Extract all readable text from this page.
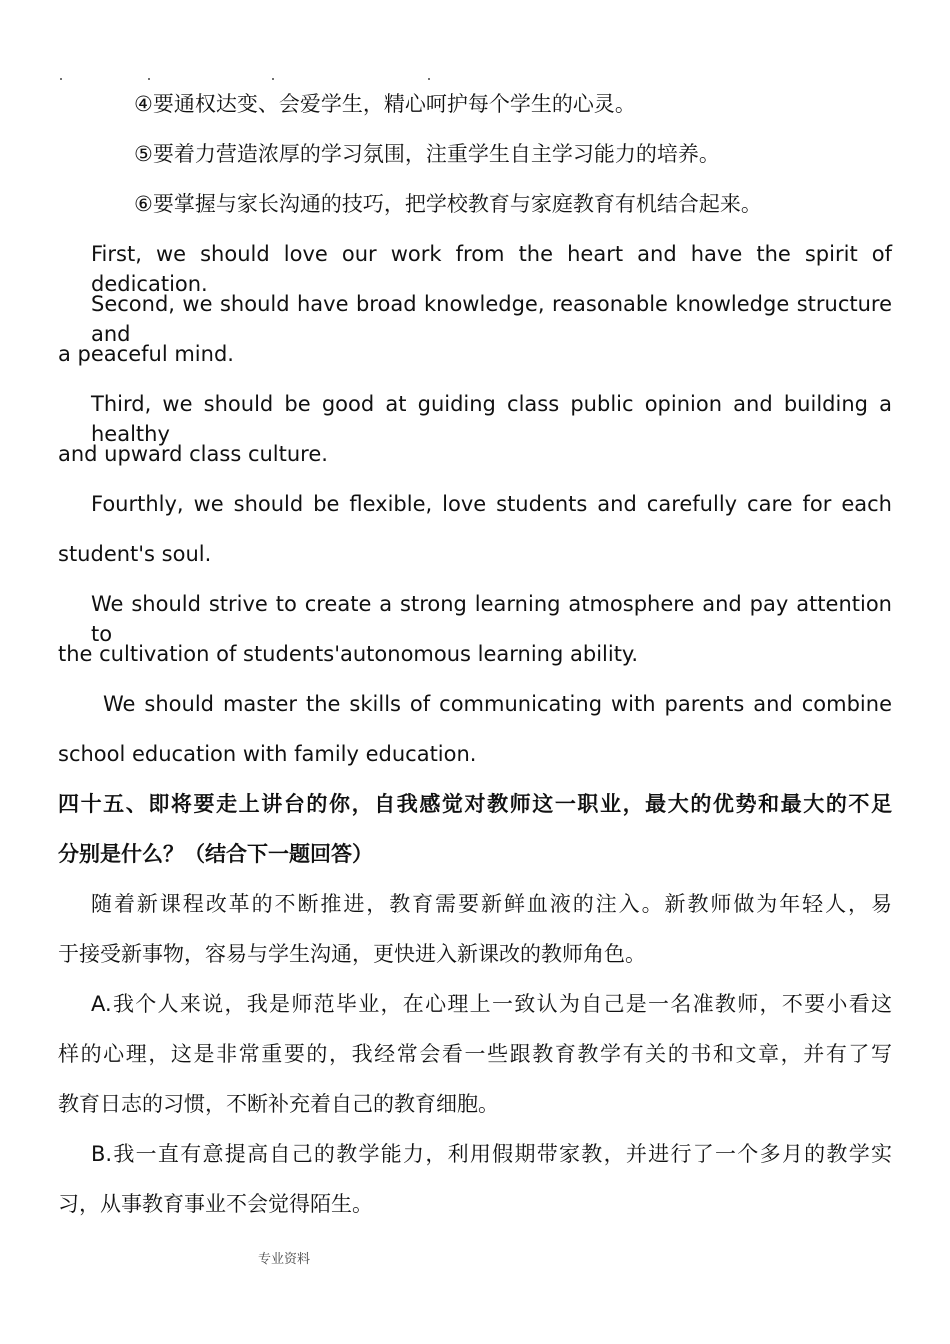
④要通权达变、会爱学生，精心呵护每个学生的心灵。
⑤要着力营造浓厚的学习氛围，注重学生自主学习能力的培养。
⑥要掌握与家长沟通的技巧，把学校教育与家庭教育有机结合起来。
First, we should love our work from the heart and have the spirit of dedication.
Second, we should have broad knowledge, reasonable knowledge structure and
a peaceful mind.
Third, we should be good at guiding class public opinion and building a healthy
and upward class culture.
Fourthly, we should be flexible, love students and carefully care for each
student's soul.
We should strive to create a strong learning atmosphere and pay attention to
the cultivation of students'autonomous learning ability.
We should master the skills of communicating with parents and combine
school education with family education.
四十五、即将要走上讲台的你，自我感觉对教师这一职业，最大的优势和最大的不足
分别是什么？（结合下一题回答）
随着新课程改革的不断推进，教育需要新鲜血液的注入。新教师做为年轻人，易
于接受新事物，容易与学生沟通，更快进入新课改的教师角色。
A.我个人来说，我是师范毕业，在心理上一致认为自己是一名准教师，不要小看这
样的心理，这是非常重要的，我经常会看一些跟教育教学有关的书和文章，并有了写
教育日志的习惯，不断补充着自己的教育细胞。
B.我一直有意提高自己的教学能力，利用假期带家教，并进行了一个多月的教学实
习，从事教育事业不会觉得陌生。
专业资料
